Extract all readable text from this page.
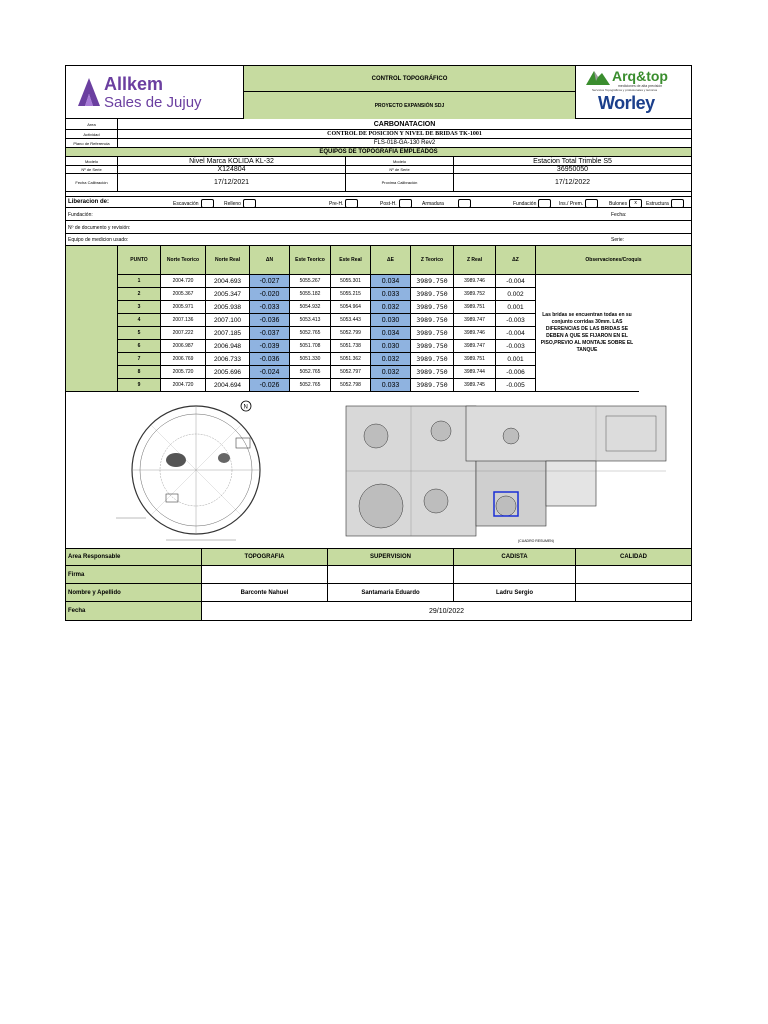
Allkem
Sales de Jujuy
CONTROL TOPOGRÁFICO
PROYECTO EXPANSIÓN SDJ
Arq&top
mediciones de alta precisión
Servicios Topográficos y profesionales y técnicos
Worley
Area	CARBONATACION
Actividad	CONTROL DE POSICION Y NIVEL DE BRIDAS TK-1001
Plano de Referencia	FLS-018-GA-130 Rev2
EQUIPOS DE TOPOGRAFIA EMPLEADOS
Modelo	Nivel Marca KOLIDA KL-32	Modelo	Estacion Total Trimble S5
Nº de Serie	X124804	Nº de Serie	36950050
Fecha Calibración	17/12/2021	Proxima Calibración	17/12/2022
Liberacion de:	Escavación	Relleno	Pre-H.	Post-H.	Armadura	Fundación	Ins./ Prem.	Bulones x	Estructura
Fundación:	Fecha:
Nº de documento y revisión:
Equipo de medicion usado:	Serie:
PUNTO	Norte Teorico	Norte Real	ΔN	Este Teorico	Este Real	ΔE	Z Teorico	Z Real	ΔZ	Observaciones/Croquis
1	2004.720	2004.693	-0.027	5055.267	5055.301	0.034	3989.750	3989.746	-0.004
2	2005.367	2005.347	-0.020	5055.182	5055.215	0.033	3989.750	3989.752	0.002
3	2005.971	2005.938	-0.033	5054.932	5054.964	0.032	3989.750	3989.751	0.001
4	2007.136	2007.100	-0.036	5053.413	5053.443	0.030	3989.750	3989.747	-0.003
5	2007.222	2007.185	-0.037	5052.765	5052.799	0.034	3989.750	3989.746	-0.004
6	2006.987	2006.948	-0.039	5051.708	5051.738	0.030	3989.750	3989.747	-0.003
7	2006.769	2006.733	-0.036	5051.330	5051.362	0.032	3989.750	3989.751	0.001
8	2005.720	2005.696	-0.024	5052.765	5052.797	0.032	3989.750	3989.744	-0.006
9	2004.720	2004.694	-0.026	5052.765	5052.798	0.033	3989.750	3989.745	-0.005
Las bridas se encuentran todas en su conjunto corridas 30mm. LAS DIFERENCIAS DE LAS BRIDAS SE DEBEN A QUE SE FIJARON EN EL PISO,PREVIO AL MONTAJE SOBRE EL TANQUE
N
(CUADRO RESUMEN)
Area Responsable	TOPOGRAFIA	SUPERVISION	CADISTA	CALIDAD
Firma
Nombre y Apellido	Barconte Nahuel	Santamaria Eduardo	Ladru Sergio
Fecha	29/10/2022
